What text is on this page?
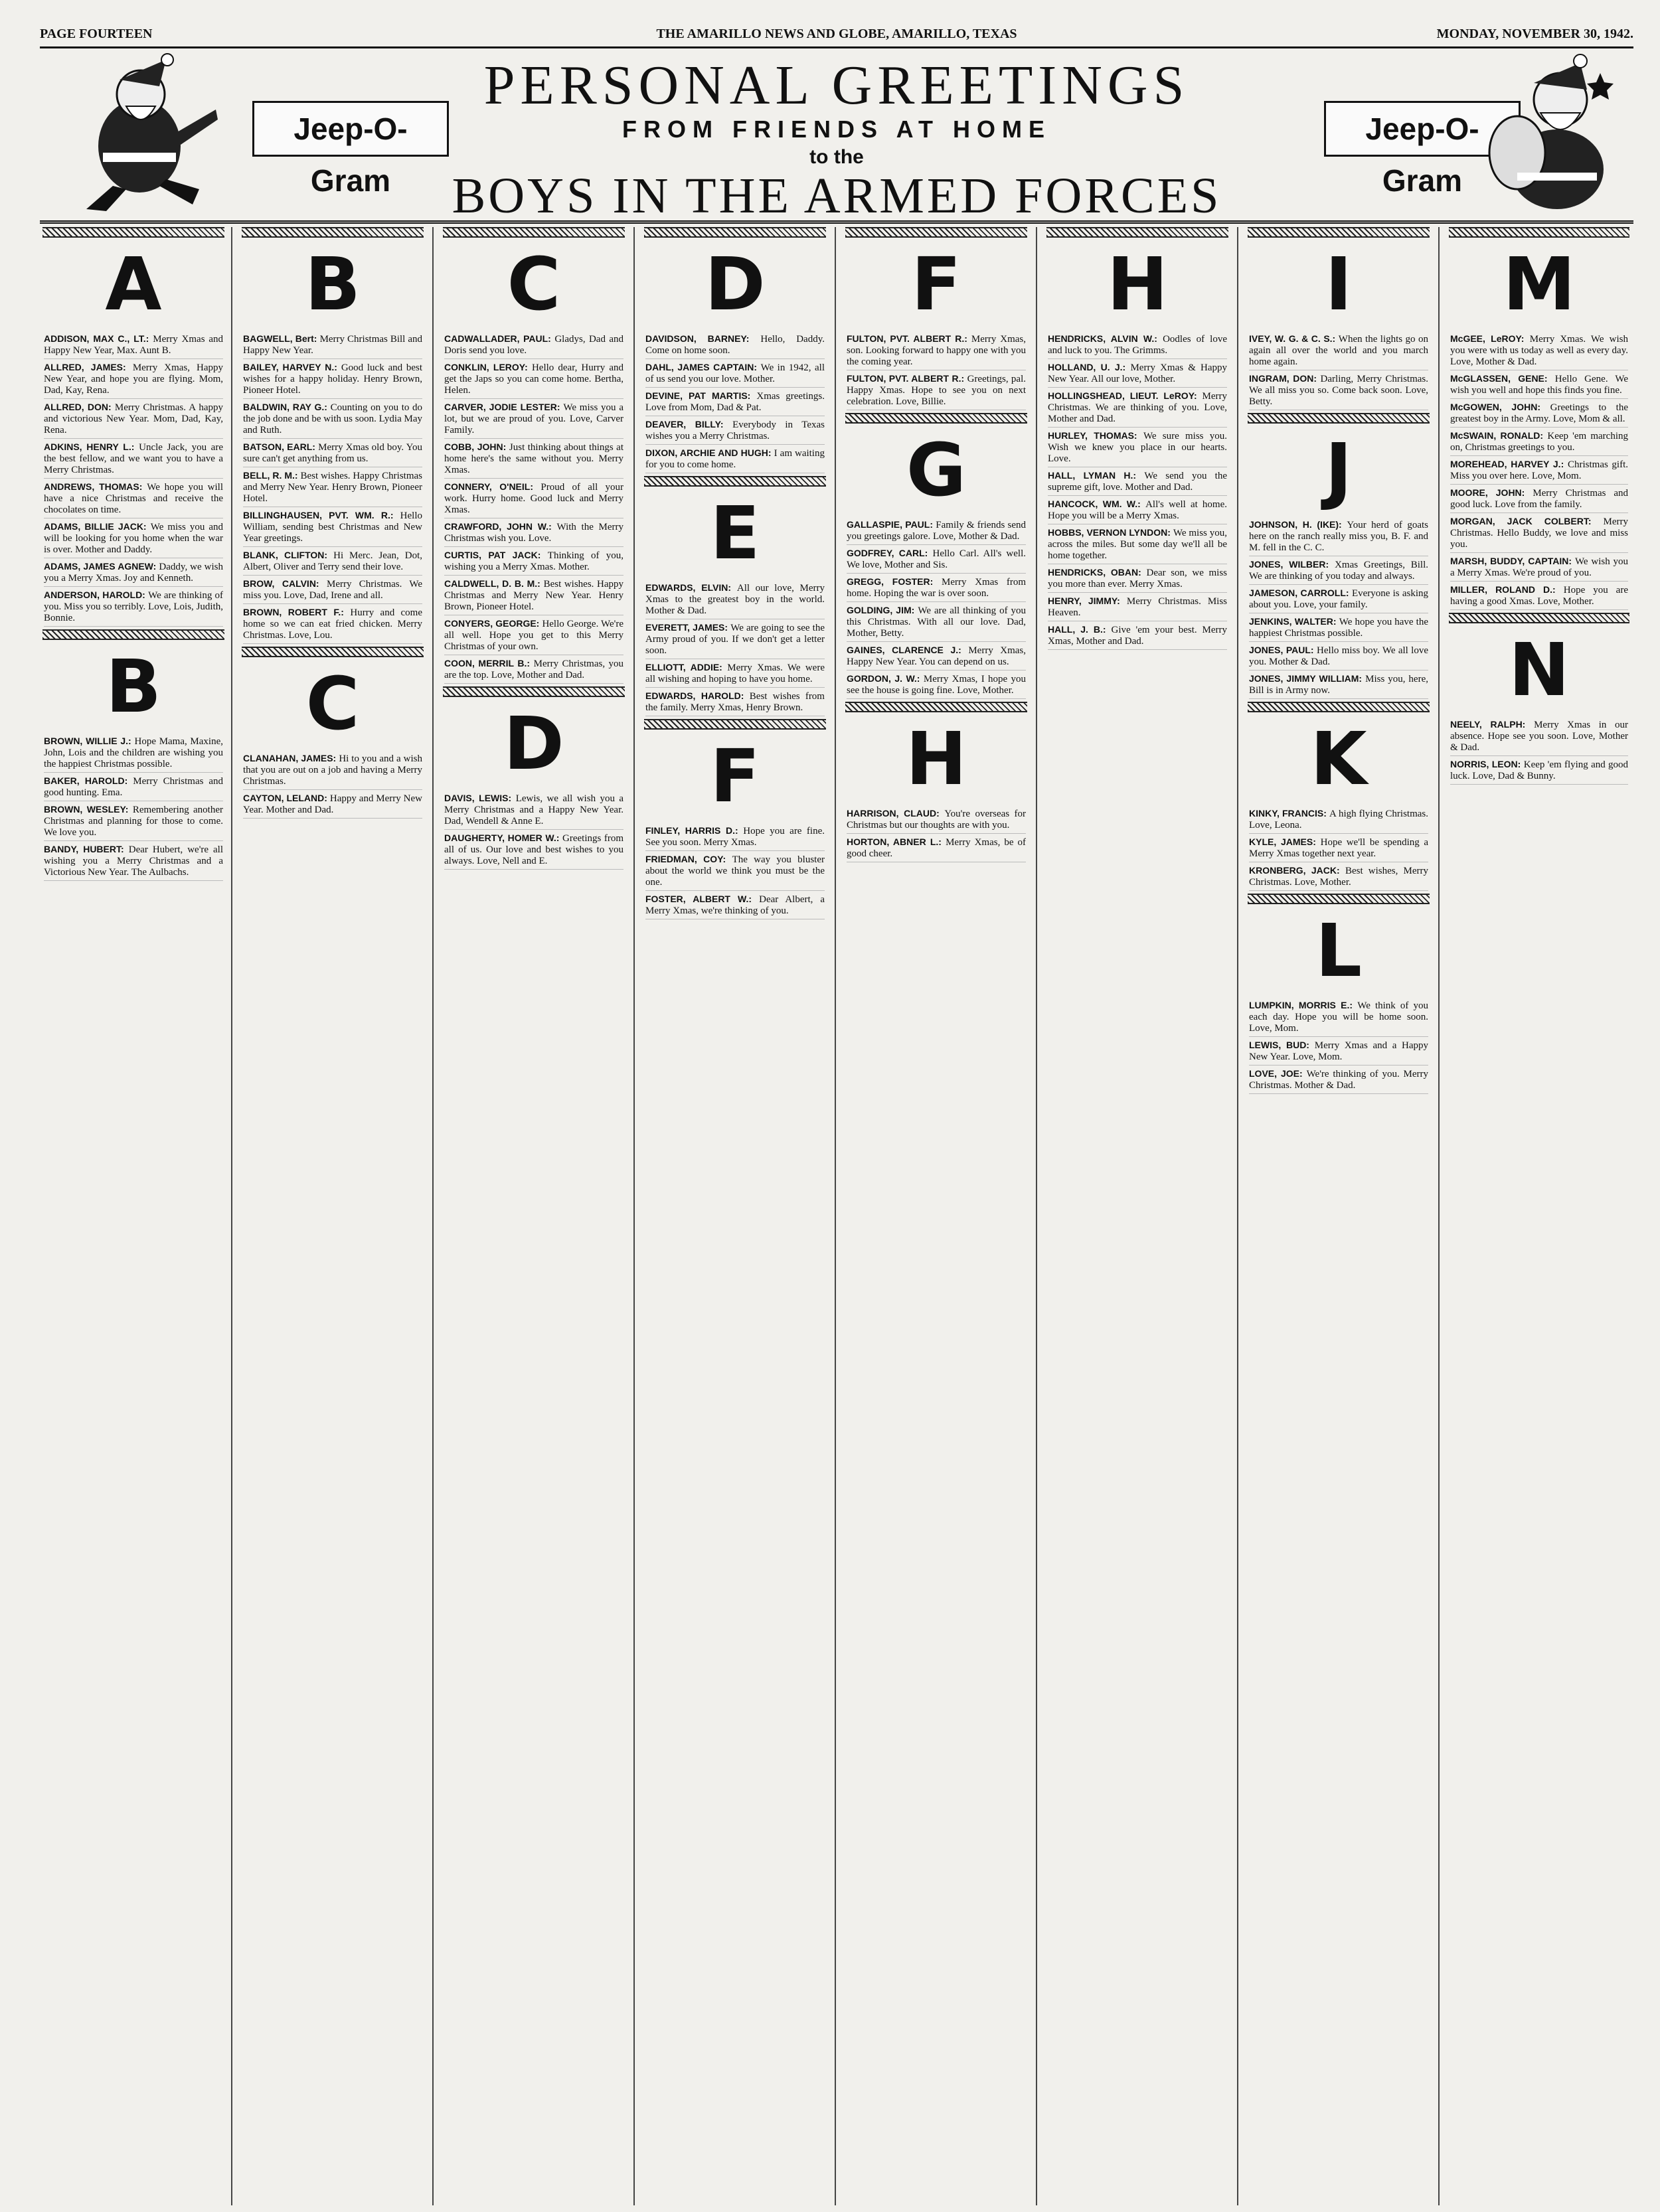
PAGE FOURTEEN	THE AMARILLO NEWS AND GLOBE, AMARILLO, TEXAS	MONDAY, NOVEMBER 30, 1942.
Jeep-O-Gram
PERSONAL GREETINGS
FROM FRIENDS AT HOME
to the
BOYS IN THE ARMED FORCES
Jeep-O-Gram
A
ADDISON, MAX C., LT.: Merry Xmas and Happy New Year, Max. Aunt B.
ALLRED, JAMES: Merry Xmas, Happy New Year, and hope you are flying. Mom, Dad, Kay, Rena.
ALLRED, DON: Merry Christmas. A happy and victorious New Year. Mom, Dad, Kay, Rena.
ADKINS, HENRY L.: Uncle Jack, you are the best fellow, and we want you to have a Merry Christmas.
ANDREWS, THOMAS: We hope you will have a nice Christmas and receive the chocolates on time.
ADAMS, BILLIE JACK: We miss you and will be looking for you home when the war is over. Mother and Daddy.
ADAMS, JAMES AGNEW: Daddy, we wish you a Merry Xmas. Joy and Kenneth.
ANDERSON, HAROLD: We are thinking of you. Miss you so terribly. Love, Lois, Judith, Bonnie.
B
BROWN, WILLIE J.: Hope Mama, Maxine, John, Lois and the children are wishing you the happiest Christmas possible.
BAKER, HAROLD: Merry Christmas and good hunting. Ema.
BROWN, WESLEY: Remembering another Christmas and planning for those to come. We love you.
BANDY, HUBERT: Dear Hubert, we're all wishing you a Merry Christmas and a Victorious New Year. The Aulbachs.
B
BAGWELL, Bert: Merry Christmas Bill and Happy New Year.
BAILEY, HARVEY N.: Good luck and best wishes for a happy holiday. Henry Brown, Pioneer Hotel.
BALDWIN, RAY G.: Counting on you to do the job done and be with us soon. Lydia May and Ruth.
BATSON, EARL: Merry Xmas old boy. You sure can't get anything from us.
BELL, R. M.: Best wishes. Happy Christmas and Merry New Year. Henry Brown, Pioneer Hotel.
BILLINGHAUSEN, PVT. WM. R.: Hello William, sending best Christmas and New Year greetings.
BLANK, CLIFTON: Hi Merc. Jean, Dot, Albert, Oliver and Terry send their love.
BROW, CALVIN: Merry Christmas. We miss you. Love, Dad, Irene and all.
BROWN, ROBERT F.: Hurry and come home so we can eat fried chicken. Merry Christmas. Love, Lou.
C
CLANAHAN, JAMES: Hi to you and a wish that you are out on a job and having a Merry Christmas.
CAYTON, LELAND: Happy and Merry New Year. Mother and Dad.
C
CADWALLADER, PAUL: Gladys, Dad and Doris send you love.
CONKLIN, LEROY: Hello dear, Hurry and get the Japs so you can come home. Bertha, Helen.
CARVER, JODIE LESTER: We miss you a lot, but we are proud of you. Love, Carver Family.
COBB, JOHN: Just thinking about things at home here's the same without you. Merry Xmas.
CONNERY, O'NEIL: Proud of all your work. Hurry home. Good luck and Merry Xmas.
CRAWFORD, JOHN W.: With the Merry Christmas wish you. Love.
CURTIS, PAT JACK: Thinking of you, wishing you a Merry Xmas. Mother.
CALDWELL, D. B. M.: Best wishes. Happy Christmas and Merry New Year. Henry Brown, Pioneer Hotel.
CONYERS, GEORGE: Hello George. We're all well. Hope you get to this Merry Christmas of your own.
COON, MERRIL B.: Merry Christmas, you are the top. Love, Mother and Dad.
D
DAVIS, LEWIS: Lewis, we all wish you a Merry Christmas and a Happy New Year. Dad, Wendell & Anne E.
DAUGHERTY, HOMER W.: Greetings from all of us. Our love and best wishes to you always. Love, Nell and E.
D
DAVIDSON, BARNEY: Hello, Daddy. Come on home soon.
DAHL, JAMES CAPTAIN: We in 1942, all of us send you our love. Mother.
DEVINE, PAT MARTIS: Xmas greetings. Love from Mom, Dad & Pat.
DEAVER, BILLY: Everybody in Texas wishes you a Merry Christmas.
DIXON, ARCHIE AND HUGH: I am waiting for you to come home.
E
EDWARDS, ELVIN: All our love, Merry Xmas to the greatest boy in the world. Mother & Dad.
EVERETT, JAMES: We are going to see the Army proud of you. If we don't get a letter soon.
ELLIOTT, ADDIE: Merry Xmas. We were all wishing and hoping to have you home.
EDWARDS, HAROLD: Best wishes from the family. Merry Xmas, Henry Brown.
F
FINLEY, HARRIS D.: Hope you are fine. See you soon. Merry Xmas.
FRIEDMAN, COY: The way you bluster about the world we think you must be the one.
FOSTER, ALBERT W.: Dear Albert, a Merry Xmas, we're thinking of you.
F
FULTON, PVT. ALBERT R.: Merry Xmas, son. Looking forward to happy one with you the coming year.
FULTON, PVT. ALBERT R.: Greetings, pal. Happy Xmas. Hope to see you on next celebration. Love, Billie.
G
GALLASPIE, PAUL: Family & friends send you greetings galore. Love, Mother & Dad.
GODFREY, CARL: Hello Carl. All's well. We love, Mother and Sis.
GREGG, FOSTER: Merry Xmas from home. Hoping the war is over soon.
GOLDING, JIM: We are all thinking of you this Christmas. With all our love. Dad, Mother, Betty.
GAINES, CLARENCE J.: Merry Xmas, Happy New Year. You can depend on us.
GORDON, J. W.: Merry Xmas, I hope you see the house is going fine. Love, Mother.
H
HARRISON, CLAUD: You're overseas for Christmas but our thoughts are with you.
HORTON, ABNER L.: Merry Xmas, be of good cheer.
H
HENDRICKS, ALVIN W.: Oodles of love and luck to you. The Grimms.
HOLLAND, U. J.: Merry Xmas & Happy New Year. All our love, Mother.
HOLLINGSHEAD, LIEUT. LeROY: Merry Christmas. We are thinking of you. Love, Mother and Dad.
HURLEY, THOMAS: We sure miss you. Wish we knew you place in our hearts. Love.
HALL, LYMAN H.: We send you the supreme gift, love. Mother and Dad.
HANCOCK, WM. W.: All's well at home. Hope you will be a Merry Xmas.
HOBBS, VERNON LYNDON: We miss you, across the miles. But some day we'll all be home together.
HENDRICKS, OBAN: Dear son, we miss you more than ever. Merry Xmas.
HENRY, JIMMY: Merry Christmas. Miss Heaven.
HALL, J. B.: Give 'em your best. Merry Xmas, Mother and Dad.
I
IVEY, W. G. & C. S.: When the lights go on again all over the world and you march home again.
INGRAM, DON: Darling, Merry Christmas. We all miss you so. Come back soon. Love, Betty.
J
JOHNSON, H. (IKE): Your herd of goats here on the ranch really miss you, B. F. and M. fell in the C. C.
JONES, WILBER: Xmas Greetings, Bill. We are thinking of you today and always.
JAMESON, CARROLL: Everyone is asking about you. Love, your family.
JENKINS, WALTER: We hope you have the happiest Christmas possible.
JONES, PAUL: Hello miss boy. We all love you. Mother & Dad.
JONES, JIMMY WILLIAM: Miss you, here, Bill is in Army now.
K
KINKY, FRANCIS: A high flying Christmas. Love, Leona.
KYLE, JAMES: Hope we'll be spending a Merry Xmas together next year.
KRONBERG, JACK: Best wishes, Merry Christmas. Love, Mother.
L
LUMPKIN, MORRIS E.: We think of you each day. Hope you will be home soon. Love, Mom.
LEWIS, BUD: Merry Xmas and a Happy New Year. Love, Mom.
LOVE, JOE: We're thinking of you. Merry Christmas. Mother & Dad.
M
McGEE, LeROY: Merry Xmas. We wish you were with us today as well as every day. Love, Mother & Dad.
McGLASSEN, GENE: Hello Gene. We wish you well and hope this finds you fine.
McGOWEN, JOHN: Greetings to the greatest boy in the Army. Love, Mom & all.
McSWAIN, RONALD: Keep 'em marching on, Christmas greetings to you.
MOREHEAD, HARVEY J.: Christmas gift. Miss you over here. Love, Mom.
MOORE, JOHN: Merry Christmas and good luck. Love from the family.
MORGAN, JACK COLBERT: Merry Christmas. Hello Buddy, we love and miss you.
MARSH, BUDDY, CAPTAIN: We wish you a Merry Xmas. We're proud of you.
MILLER, ROLAND D.: Hope you are having a good Xmas. Love, Mother.
N
NEELY, RALPH: Merry Xmas in our absence. Hope see you soon. Love, Mother & Dad.
NORRIS, LEON: Keep 'em flying and good luck. Love, Dad & Bunny.
